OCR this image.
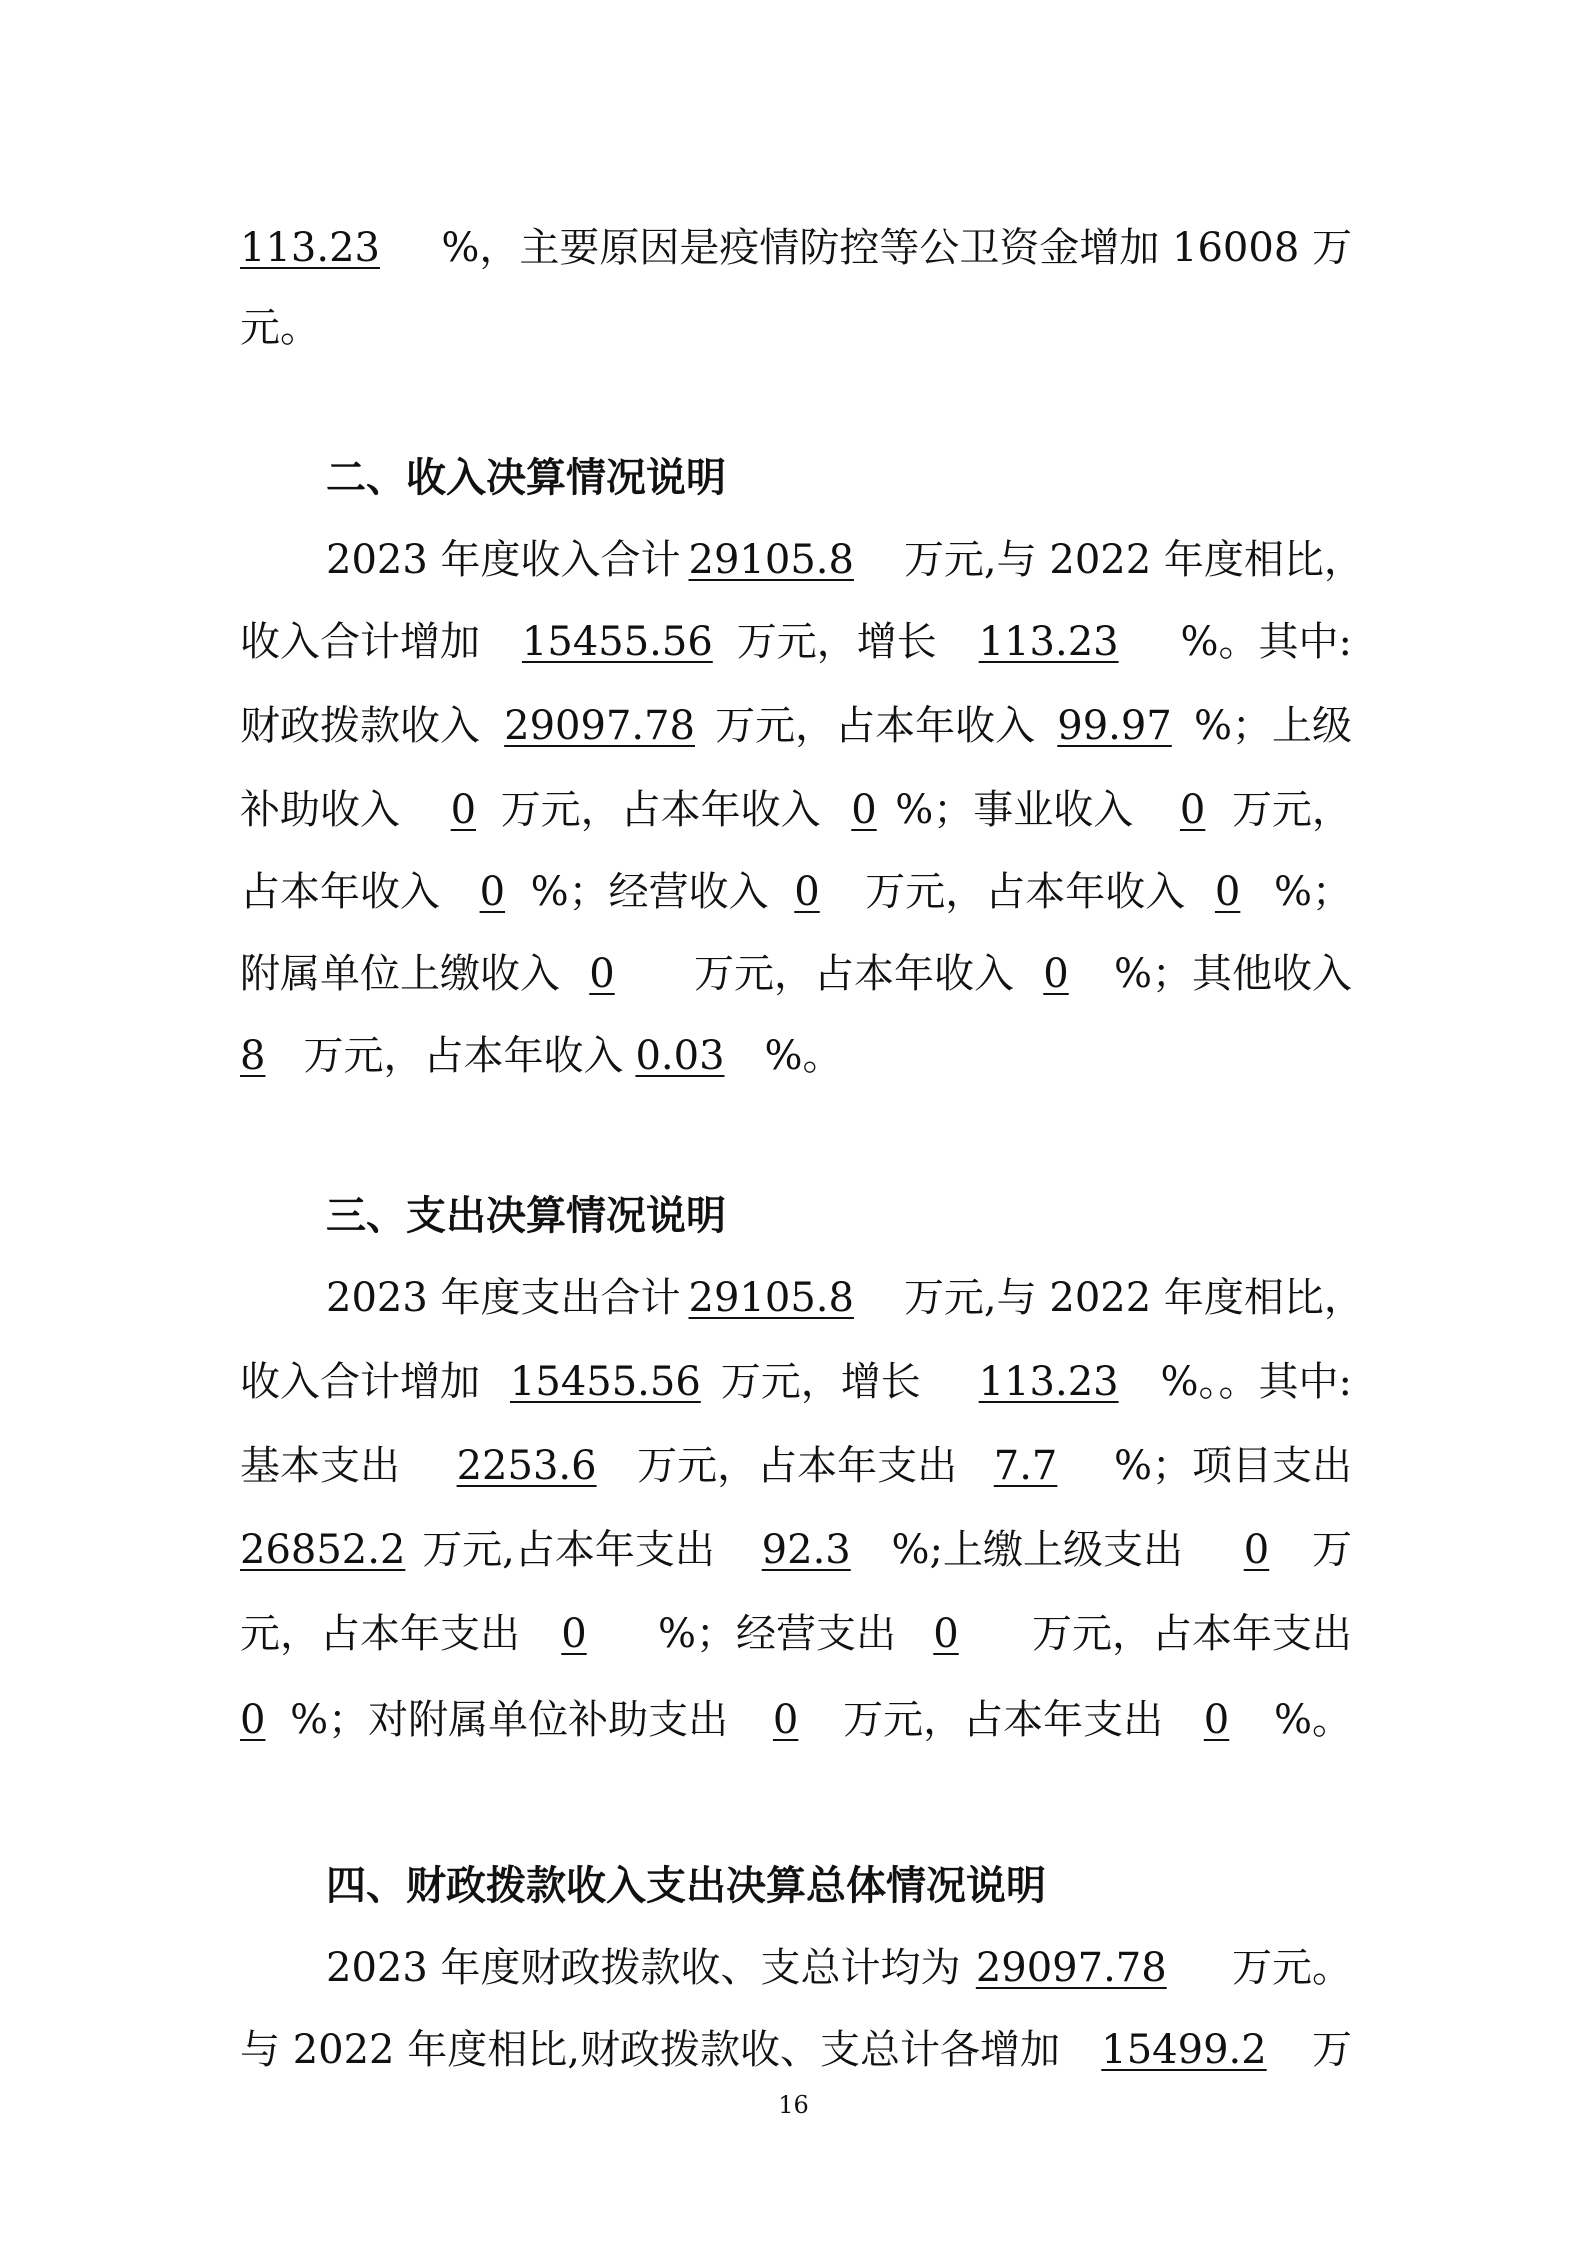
113.23	%，主要原因是疫情防控等公卫资金增加 16008 万
元。
二、收入决算情况说明
2023 年度收入合计 29105.8	万元,与 2022 年度相比，
收入合计增加	15455.56 万元，增长	113.23	%。其中:
财政拨款收入 29097.78 万元，占本年收入 99.97 %；上级
补助收入	0 万元，占本年收入 0 %；事业收入	0 万元，
占本年收入 0 %；经营收入 0	万元，占本年收入 0 %；
附属单位上缴收入 0	万元，占本年收入 0	%；其他收入
8 万元，占本年收入 0.03	%。
三、支出决算情况说明
2023 年度支出合计 29105.8	万元,与 2022 年度相比，
收入合计增加 15455.56 万元，增长	113.23	%。。其中:
基本支出	2253.6	万元，占本年支出 7.7	%；项目支出
26852.2 万元,占本年支出	92.3	%;上缴上级支出	0	万
元，占本年支出	0	%；经营支出 0	万元，占本年支出
0 %；对附属单位补助支出	0	万元，占本年支出	0	%。
四、财政拨款收入支出决算总体情况说明
2023 年度财政拨款收、支总计均为 29097.78	万元。
与 2022 年度相比,财政拨款收、支总计各增加	15499.2	万
16
